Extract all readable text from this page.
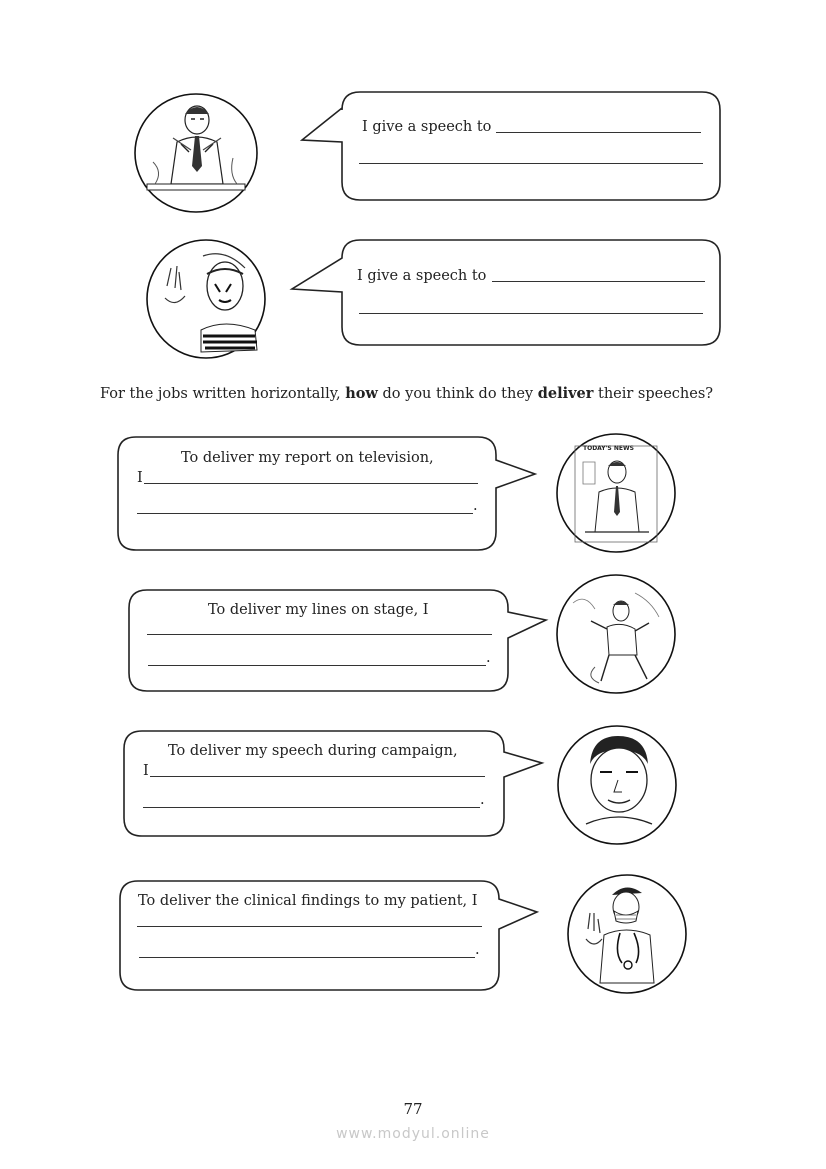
TODAY'S NEWS
I give a speech to
I give a speech to
For the jobs written horizontally, how do you think do they deliver their speeches?
To deliver my report on television,
I
.
To deliver my lines on stage, I
.
To deliver my speech during campaign,
I
.
To deliver the clinical findings to my patient, I
.
77
www.modyul.online
